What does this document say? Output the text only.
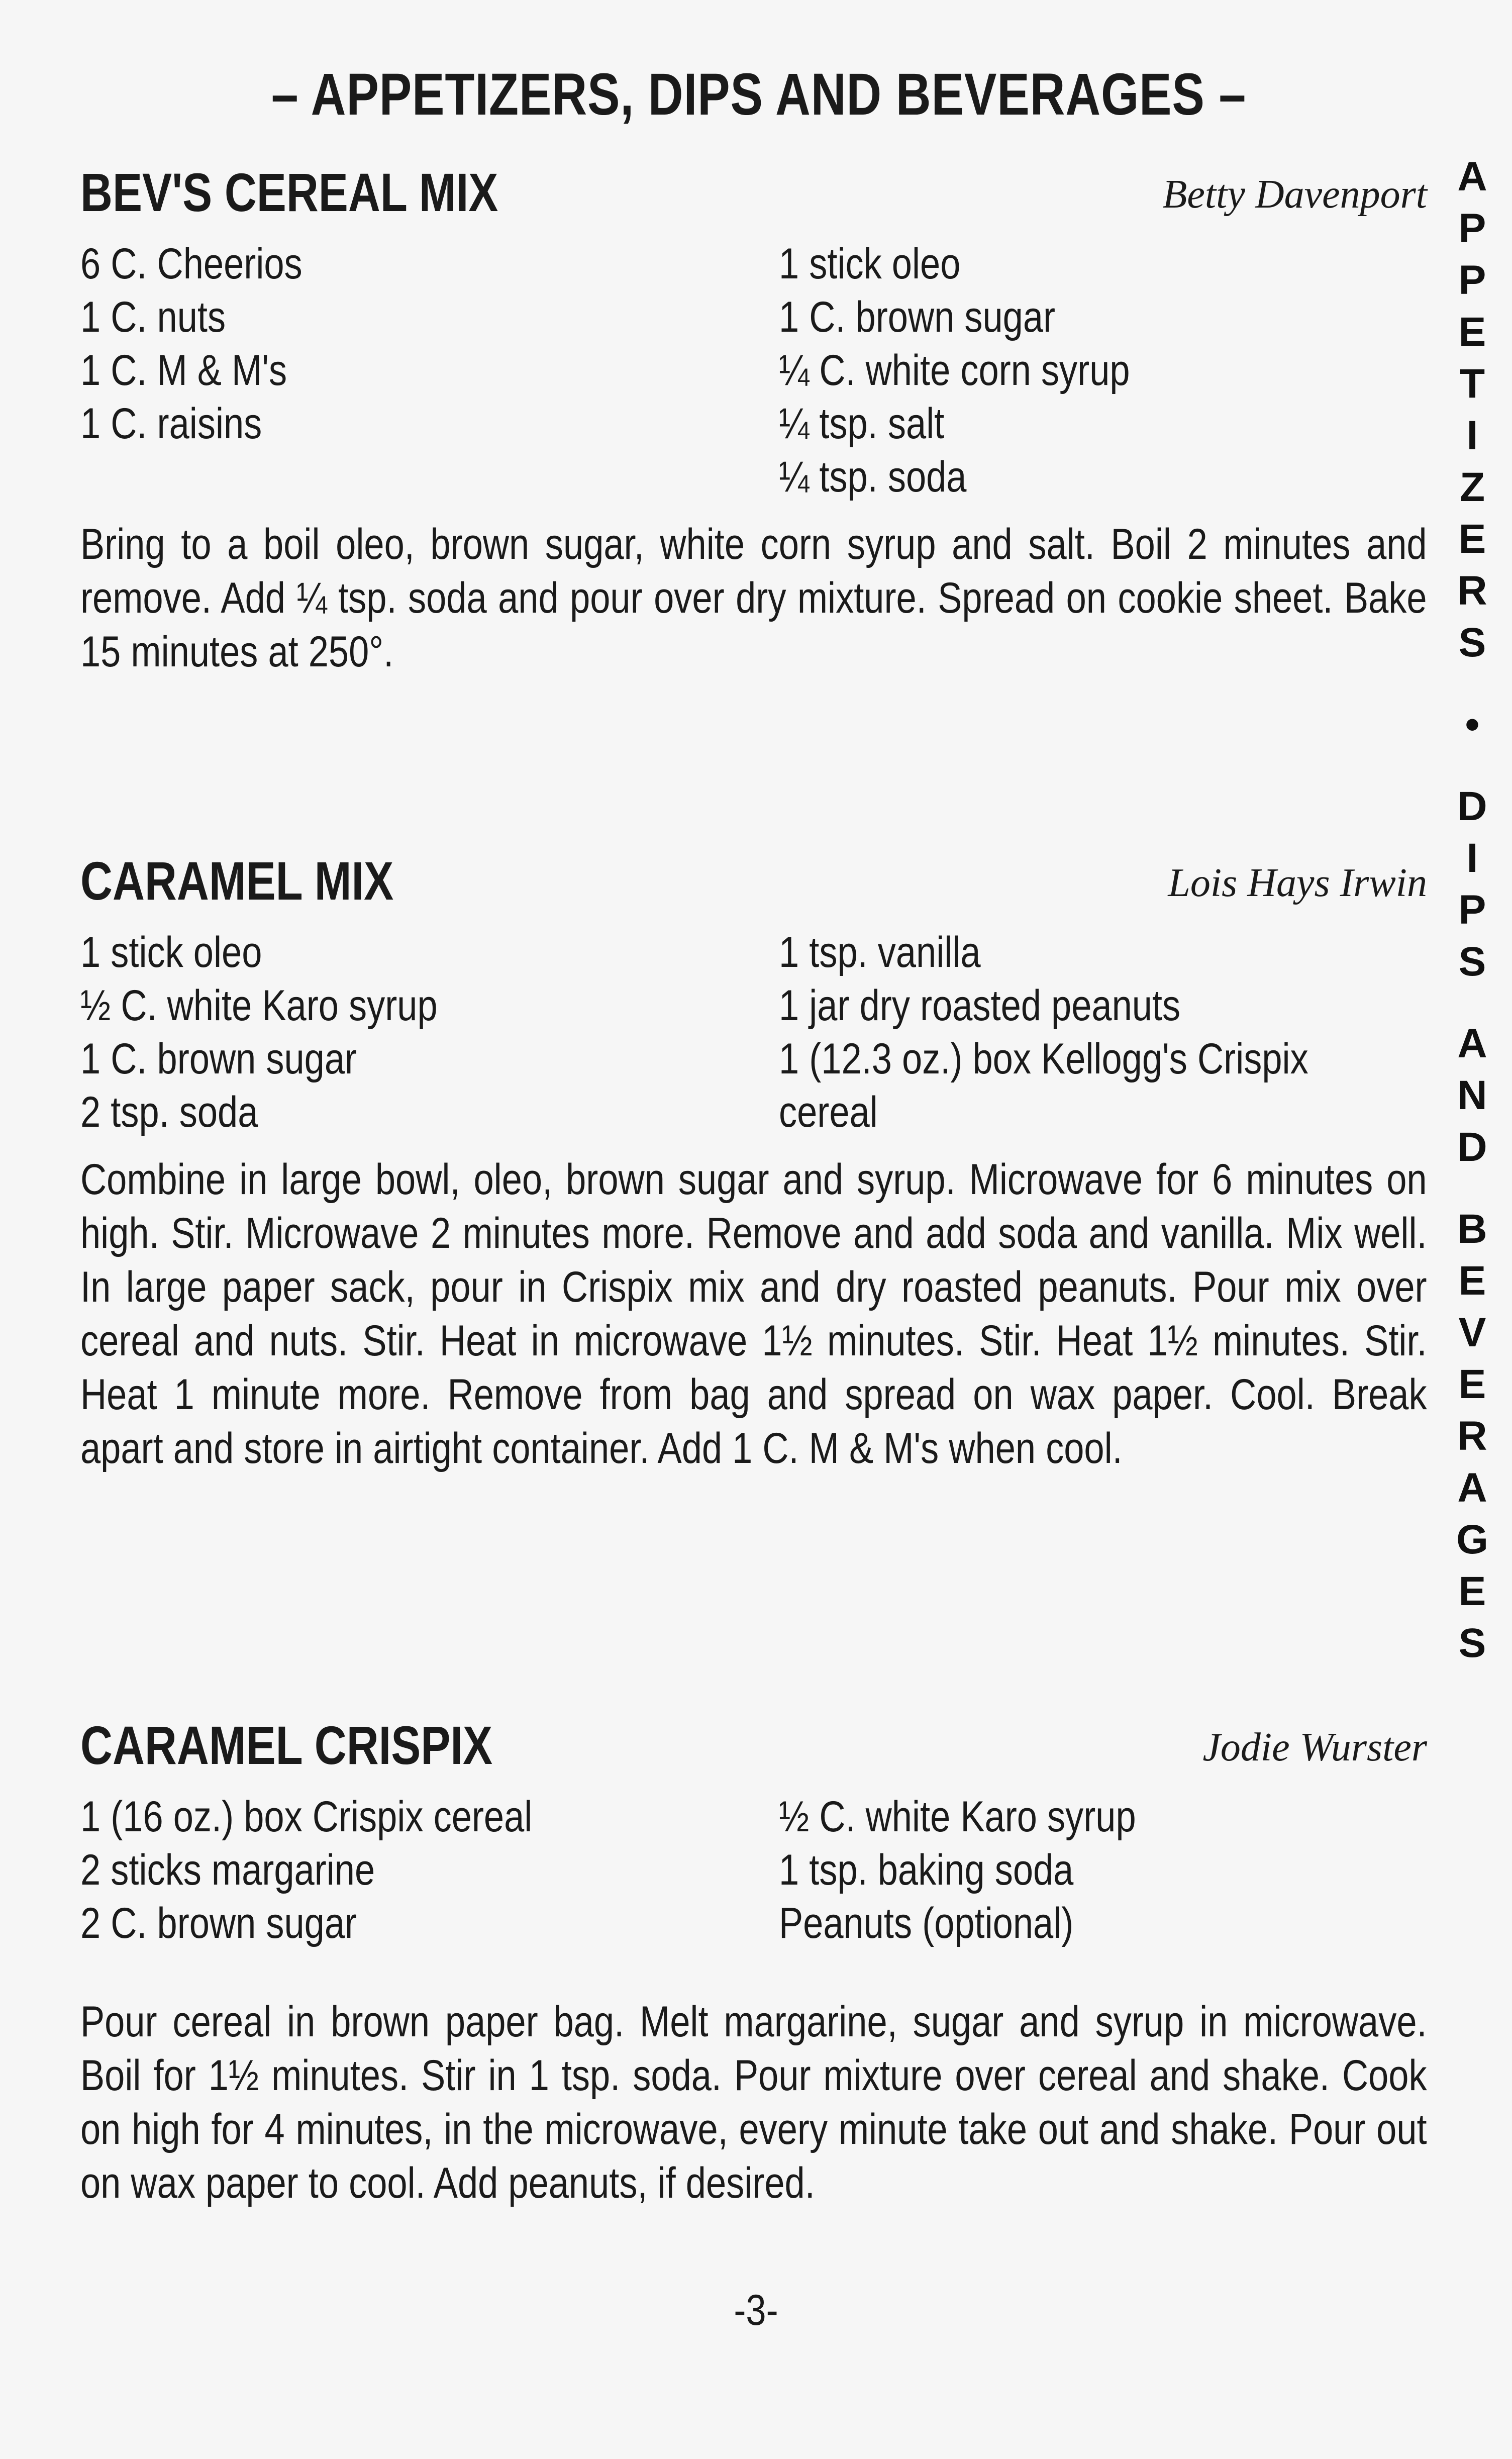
– APPETIZERS, DIPS AND BEVERAGES –
A
P
P
E
T
I
Z
E
R
S
•
D
I
P
S
A
N
D
B
E
V
E
R
A
G
E
S
BEV'S CEREAL MIX	Betty Davenport
6 C. Cheerios
1 C. nuts
1 C. M & M's
1 C. raisins
1 stick oleo
1 C. brown sugar
¼ C. white corn syrup
¼ tsp. salt
¼ tsp. soda
Bring to a boil oleo, brown sugar, white corn syrup and salt. Boil 2 minutes and remove. Add ¼ tsp. soda and pour over dry mixture. Spread on cookie sheet. Bake 15 minutes at 250°.
CARAMEL MIX	Lois Hays Irwin
1 stick oleo
½ C. white Karo syrup
1 C. brown sugar
2 tsp. soda
1 tsp. vanilla
1 jar dry roasted peanuts
1 (12.3 oz.) box Kellogg's Crispix
cereal
Combine in large bowl, oleo, brown sugar and syrup. Microwave for 6 minutes on high. Stir. Microwave 2 minutes more. Remove and add soda and vanilla. Mix well. In large paper sack, pour in Crispix mix and dry roasted peanuts. Pour mix over cereal and nuts. Stir. Heat in microwave 1½ minutes. Stir. Heat 1½ minutes. Stir. Heat 1 minute more. Remove from bag and spread on wax paper. Cool. Break apart and store in airtight container. Add 1 C. M & M's when cool.
CARAMEL CRISPIX	Jodie Wurster
1 (16 oz.) box Crispix cereal
2 sticks margarine
2 C. brown sugar
½ C. white Karo syrup
1 tsp. baking soda
Peanuts (optional)
Pour cereal in brown paper bag. Melt margarine, sugar and syrup in microwave. Boil for 1½ minutes. Stir in 1 tsp. soda. Pour mixture over cereal and shake. Cook on high for 4 minutes, in the microwave, every minute take out and shake. Pour out on wax paper to cool. Add peanuts, if desired.
-3-
